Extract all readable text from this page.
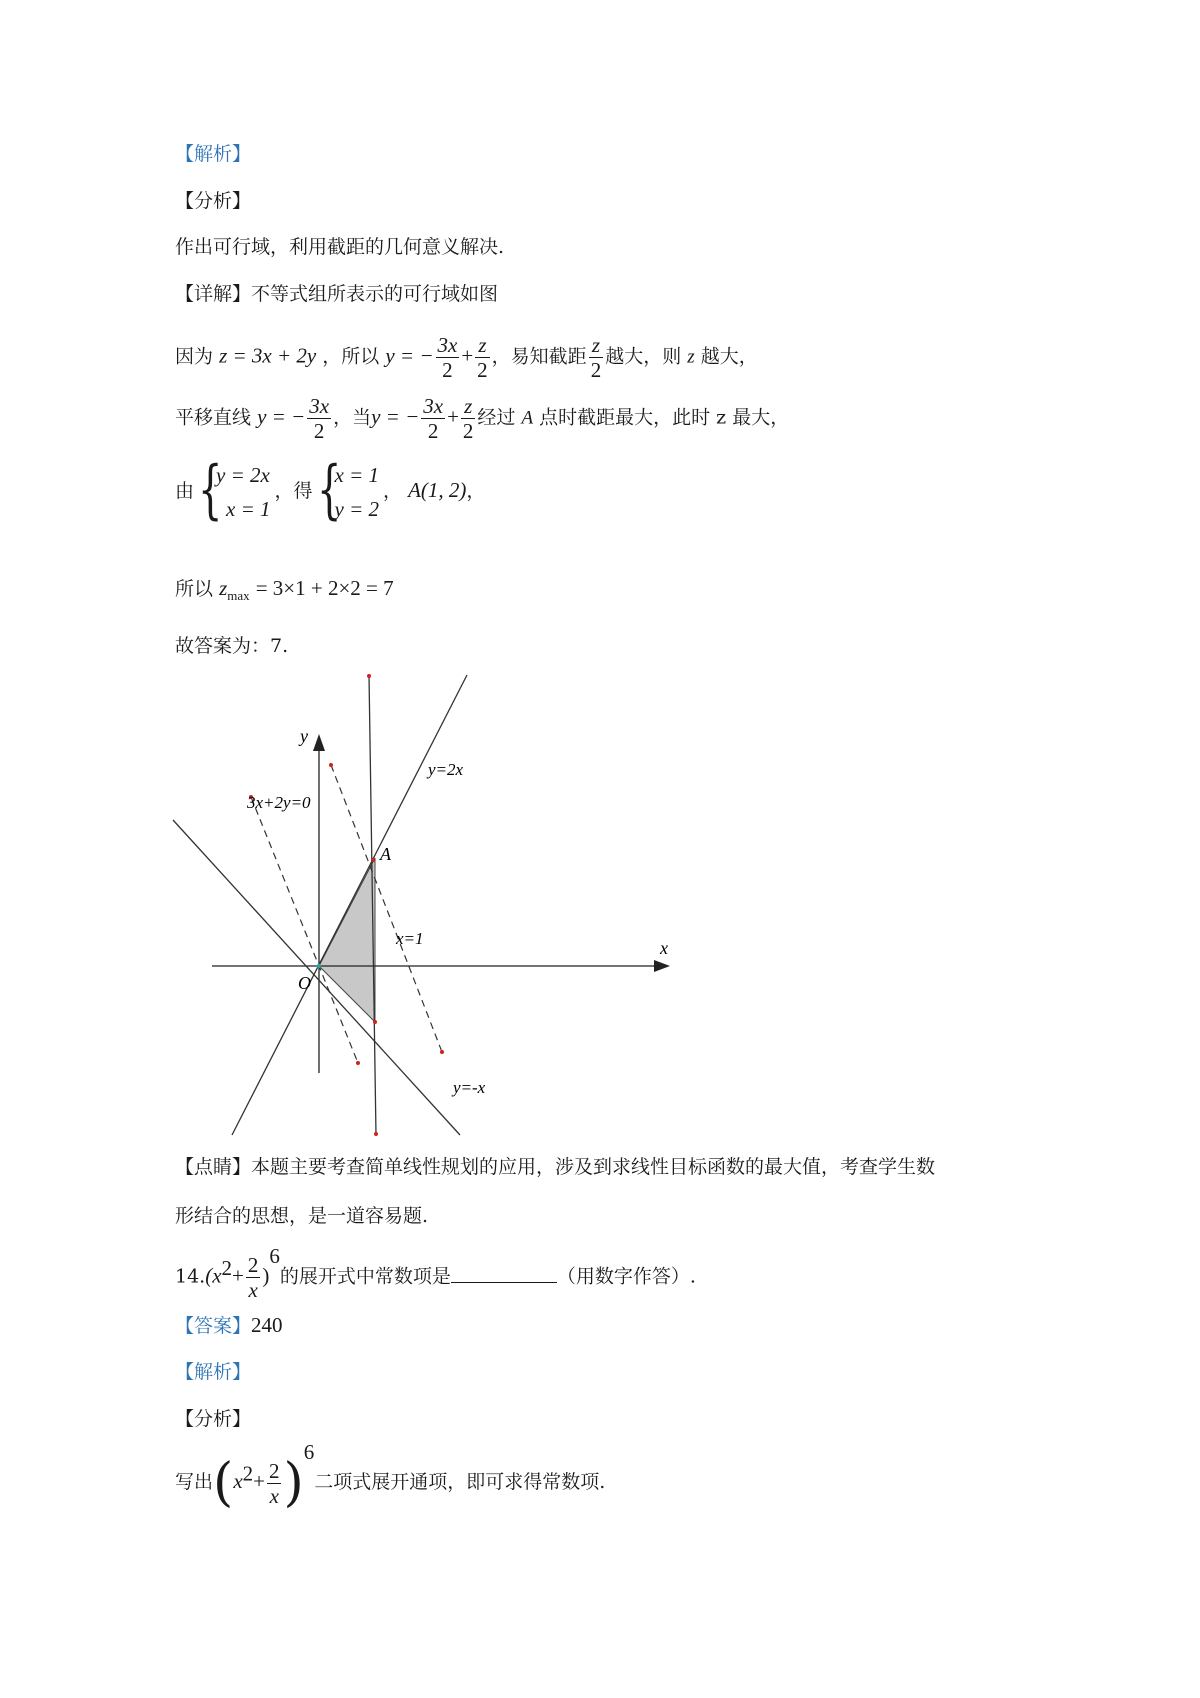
【解析】
【分析】
作出可行域，利用截距的几何意义解决.
【详解】不等式组所表示的可行域如图
因为 z = 3x + 2y ，所以 y = − $\frac{3x}{2} + \frac{z}{2}$ ，易知截距 $\frac{z}{2}$ 越大，则 z 越大，
平移直线 y = − $\frac{3x}{2}$ ，当y = − $\frac{3x}{2} + \frac{z}{2}$ 经过 A 点时截距最大，此时 z 最大，
由 {
y = 2x
x = 1
，得 {
x = 1
y = 2
， A(1, 2)，
所以 $z_{max} = 3\times 1 + 2\times 2 = 7$
故答案为：7.
y
x
O
A
y=2x
x=1
y=-x
3x+2y=0
【点睛】本题主要考查简单线性规划的应用，涉及到求线性目标函数的最大值，考查学生数
形结合的思想，是一道容易题.
$14.(x^2+ \frac{2}{x} )^6$的展开式中常数项是	（用数字作答）.
【答案】240
【解析】
【分析】
写出$(x^2+ \frac{2}{x} )^6$二项式展开通项，即可求得常数项.
